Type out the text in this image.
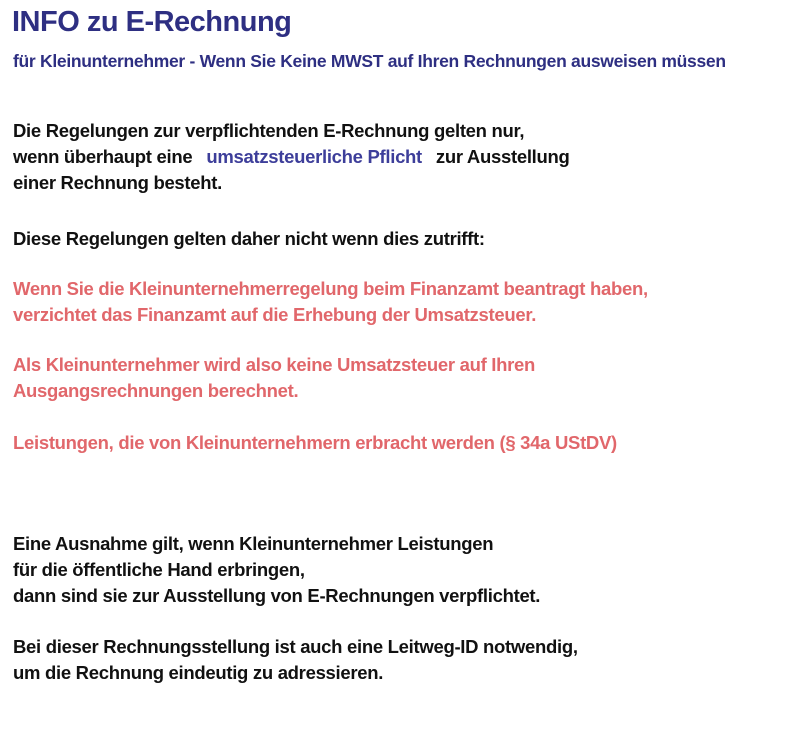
INFO zu E-Rechnung
für Kleinunternehmer - Wenn Sie Keine MWST auf Ihren Rechnungen ausweisen müssen

Die Regelungen zur verpflichtenden E-Rechnung gelten nur,
wenn überhaupt eine umsatzsteuerliche Pflicht zur Ausstellung
einer Rechnung besteht.

Diese Regelungen gelten daher nicht wenn dies zutrifft:

Wenn Sie die Kleinunternehmerregelung beim Finanzamt beantragt haben,
verzichtet das Finanzamt auf die Erhebung der Umsatzsteuer.

Als Kleinunternehmer wird also keine Umsatzsteuer auf Ihren
Ausgangsrechnungen berechnet.

Leistungen, die von Kleinunternehmern erbracht werden (§ 34a UStDV)

Eine Ausnahme gilt, wenn Kleinunternehmer Leistungen
für die öffentliche Hand erbringen,
dann sind sie zur Ausstellung von E-Rechnungen verpflichtet.

Bei dieser Rechnungsstellung ist auch eine Leitweg-ID notwendig,
um die Rechnung eindeutig zu adressieren.
